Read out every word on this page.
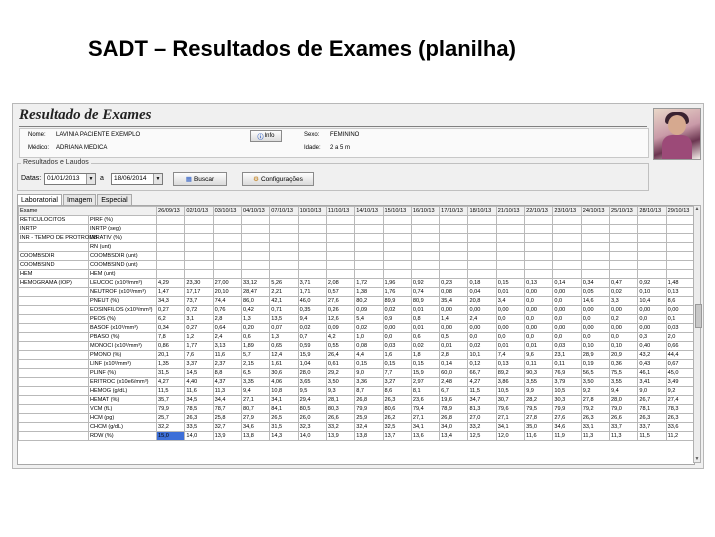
SADT – Resultados de Exames (planilha)
Resultado de Exames
Nome: LAVINIA PACIENTE EXEMPLO
Médico: ADRIANA MEDICA
ⓘ Info	Sexo: FEMININO
Idade: 2 a 5 m
Resultados e Laudos
Datas: 01/01/2013	▼ a	18/06/2014	▼	▦ Buscar	⚙ Configurações
Laboratorial	Imagem	Especial
Exame		26/09/13	02/10/13	03/10/13	04/10/13	07/10/13	10/10/13	11/10/13	14/10/13	15/10/13	16/10/13	17/10/13	18/10/13	21/10/13	22/10/13	23/10/13	24/10/13	25/10/13	28/10/13	29/10/13
RETICULOCITOS	PIRF (%)																			
INRTP	INRTP (seg)																			
INR - TEMPO DE PROTROMB	INRATIV (%)																			
	RN (unt)																			
COOMBSDIR	COOMBSDIR (unt)																			
COOMBSIND	COOMBSIND (unt)																			
HEM	HEM (unt)																			
HEMOGRAMA (IOP)	LEUCOC (x10³/mm³)	4,29	23,30	27,00	33,12	5,26	3,71	2,08	1,72	1,96	0,92	0,23	0,18	0,15	0,13	0,14	0,34	0,47	0,92	1,48
	NEUTROF (x10³/mm³)	1,47	17,17	20,10	28,47	2,21	1,71	0,57	1,38	1,76	0,74	0,08	0,04	0,01	0,00	0,00	0,05	0,02	0,10	0,13
	PNEUT (%)	34,3	73,7	74,4	86,0	42,1	46,0	27,6	80,2	89,9	80,9	35,4	20,8	3,4	0,0	0,0	14,6	3,3	10,4	8,6
	EOSINFILOS (x10³/mm³)	0,27	0,72	0,76	0,42	0,71	0,35	0,26	0,09	0,02	0,01	0,00	0,00	0,00	0,00	0,00	0,00	0,00	0,00	0,00
	PEOS (%)	6,2	3,1	2,8	1,3	13,5	9,4	12,6	5,4	0,9	0,8	1,4	2,4	0,0	0,0	0,0	0,0	0,2	0,0	0,1
	BASOF (x10³/mm³)	0,34	0,27	0,64	0,20	0,07	0,02	0,09	0,02	0,00	0,01	0,00	0,00	0,00	0,00	0,00	0,00	0,00	0,00	0,03
	PBASO (%)	7,8	1,2	2,4	0,6	1,3	0,7	4,2	1,0	0,0	0,6	0,5	0,0	0,0	0,0	0,0	0,0	0,0	0,3	2,0
	MONOCI (x10³/mm³)	0,86	1,77	3,13	1,89	0,65	0,59	0,55	0,08	0,03	0,02	0,01	0,02	0,01	0,01	0,03	0,10	0,10	0,40	0,66
	PMONO (%)	20,1	7,6	11,6	5,7	12,4	15,9	26,4	4,4	1,6	1,8	2,8	10,1	7,4	9,6	23,1	28,9	20,9	43,2	44,4
	LINF (x10³/mm³)	1,35	3,37	2,37	2,15	1,61	1,04	0,61	0,15	0,15	0,15	0,14	0,12	0,13	0,11	0,11	0,19	0,36	0,43	0,67
	PLINF (%)	31,5	14,5	8,8	6,5	30,6	28,0	29,2	9,0	7,7	15,9	60,0	66,7	89,2	90,3	76,9	56,5	75,5	46,1	45,0
	ERITROC (x10e6/mm³)	4,27	4,40	4,37	3,35	4,06	3,65	3,50	3,36	3,27	2,97	2,48	4,27	3,86	3,55	3,79	3,50	3,55	3,41	3,49
	HEMOG (g/dL)	11,5	11,6	11,3	9,4	10,8	9,5	9,3	8,7	8,6	8,1	6,7	11,5	10,5	9,9	10,5	9,2	9,4	9,0	9,2
	HEMAT (%)	35,7	34,5	34,4	27,1	34,1	29,4	28,1	26,8	26,3	23,6	19,6	34,7	30,7	28,2	30,3	27,8	28,0	26,7	27,4
	VCM (fL)	79,9	78,5	78,7	80,7	84,1	80,5	80,3	79,9	80,6	79,4	78,9	81,3	79,6	79,5	79,9	79,2	79,0	78,1	78,3
	HCM (pg)	25,7	26,3	25,8	27,9	26,5	26,0	26,6	25,9	26,2	27,1	26,8	27,0	27,1	27,8	27,6	26,3	26,6	26,3	26,3
	CHCM (g/dL)	32,2	33,5	32,7	34,6	31,5	32,3	33,2	32,4	32,5	34,1	34,0	33,2	34,1	35,0	34,6	33,1	33,7	33,7	33,6
	RDW (%)	15,0	14,0	13,9	13,8	14,3	14,0	13,9	13,8	13,7	13,6	13,4	12,5	12,0	11,6	11,9	11,3	11,3	11,5	11,2
▲
▼
